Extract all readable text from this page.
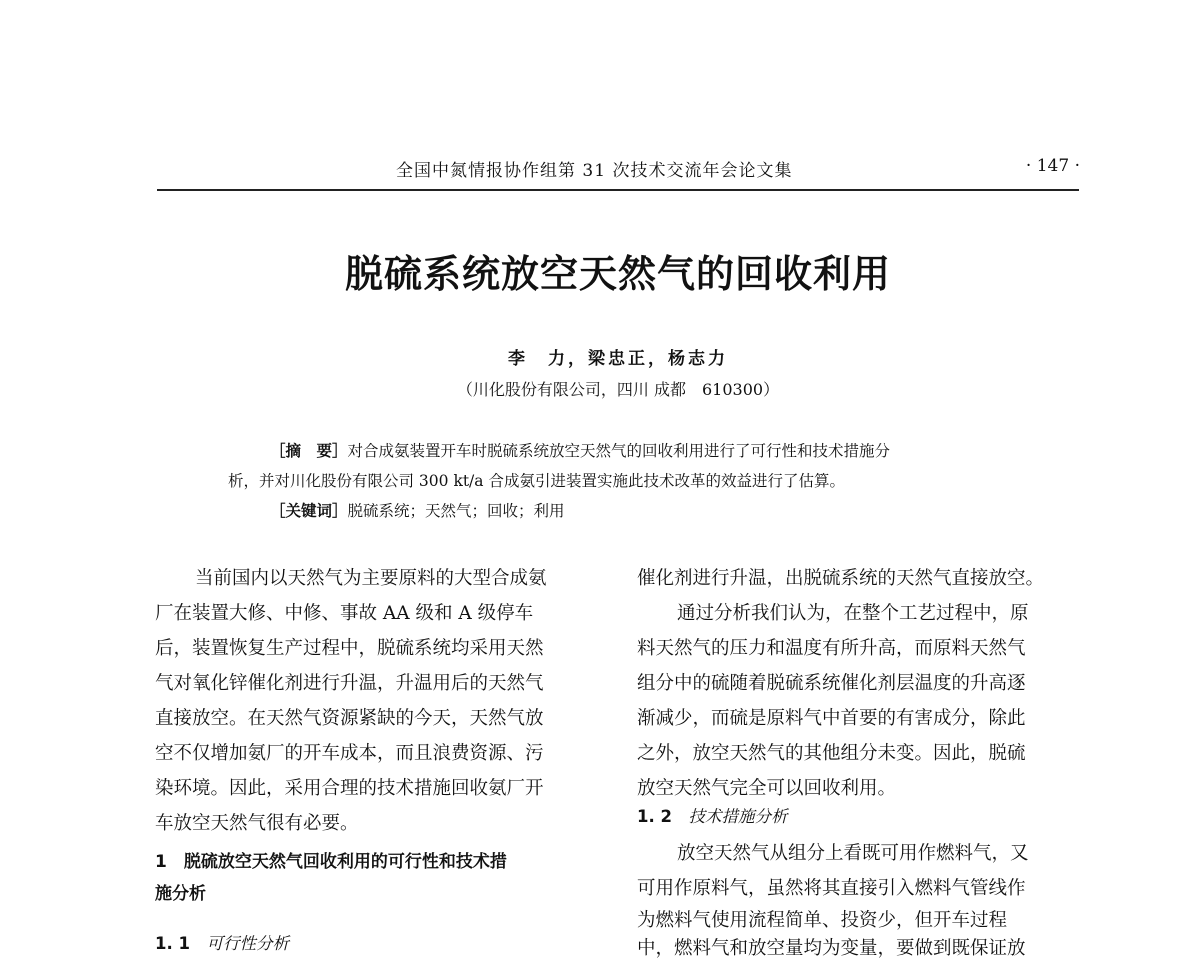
全国中氮情报协作组第 31 次技术交流年会论文集	· 147 ·
脱硫系统放空天然气的回收利用
李　力，梁忠正，杨志力
（川化股份有限公司，四川 成都　610300）
［摘　要］对合成氨装置开车时脱硫系统放空天然气的回收利用进行了可行性和技术措施分
析，并对川化股份有限公司 300 kt/a 合成氨引进装置实施此技术改革的效益进行了估算。
［关键词］脱硫系统；天然气；回收；利用
当前国内以天然气为主要原料的大型合成氨
厂在装置大修、中修、事故 AA 级和 A 级停车
后，装置恢复生产过程中，脱硫系统均采用天然
气对氧化锌催化剂进行升温，升温用后的天然气
直接放空。在天然气资源紧缺的今天，天然气放
空不仅增加氨厂的开车成本，而且浪费资源、污
染环境。因此，采用合理的技术措施回收氨厂开
车放空天然气很有必要。
1　脱硫放空天然气回收利用的可行性和技术措
施分析
1. 1　 可行性分析
催化剂进行升温，出脱硫系统的天然气直接放空。
通过分析我们认为，在整个工艺过程中，原
料天然气的压力和温度有所升高，而原料天然气
组分中的硫随着脱硫系统催化剂层温度的升高逐
渐减少，而硫是原料气中首要的有害成分，除此
之外，放空天然气的其他组分未变。因此，脱硫
放空天然气完全可以回收利用。
1. 2　 技术措施分析
放空天然气从组分上看既可用作燃料气，又
可用作原料气，虽然将其直接引入燃料气管线作
为燃料气使用流程简单、投资少，但开车过程
中，燃料气和放空量均为变量，要做到既保证放
